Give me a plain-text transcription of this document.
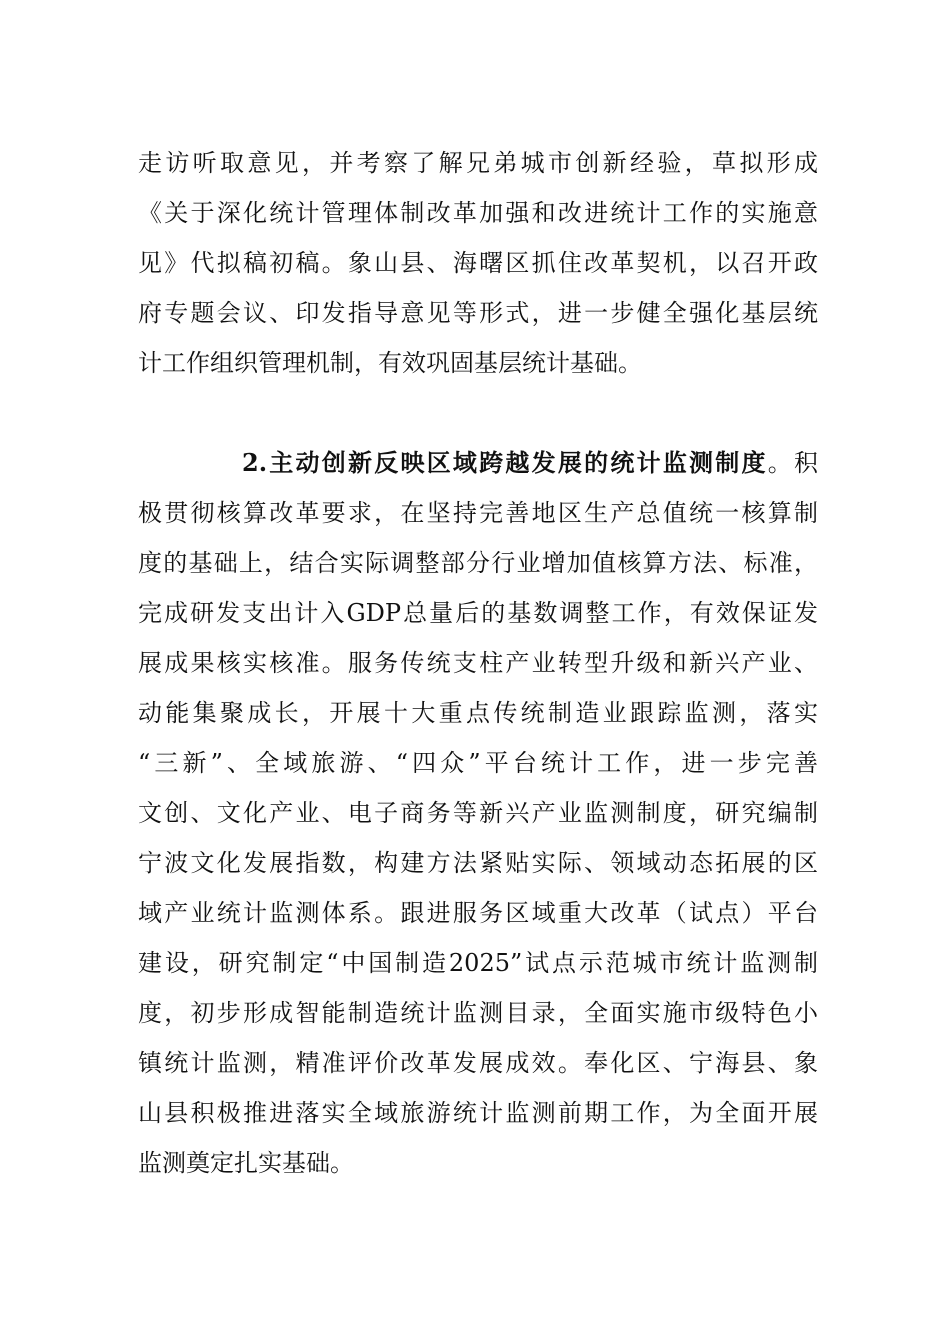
走访听取意见，并考察了解兄弟城市创新经验，草拟形成
《关于深化统计管理体制改革加强和改进统计工作的实施意
见》代拟稿初稿。象山县、海曙区抓住改革契机，以召开政
府专题会议、印发指导意见等形式，进一步健全强化基层统
计工作组织管理机制，有效巩固基层统计基础。
2.主动创新反映区域跨越发展的统计监测制度。积
极贯彻核算改革要求，在坚持完善地区生产总值统一核算制
度的基础上，结合实际调整部分行业增加值核算方法、标准，
完成研发支出计入GDP总量后的基数调整工作，有效保证发
展成果核实核准。服务传统支柱产业转型升级和新兴产业、
动能集聚成长，开展十大重点传统制造业跟踪监测，落实
“三新”、全域旅游、“四众”平台统计工作，进一步完善
文创、文化产业、电子商务等新兴产业监测制度，研究编制
宁波文化发展指数，构建方法紧贴实际、领域动态拓展的区
域产业统计监测体系。跟进服务区域重大改革（试点）平台
建设，研究制定“中国制造2025”试点示范城市统计监测制
度，初步形成智能制造统计监测目录，全面实施市级特色小
镇统计监测，精准评价改革发展成效。奉化区、宁海县、象
山县积极推进落实全域旅游统计监测前期工作，为全面开展
监测奠定扎实基础。
